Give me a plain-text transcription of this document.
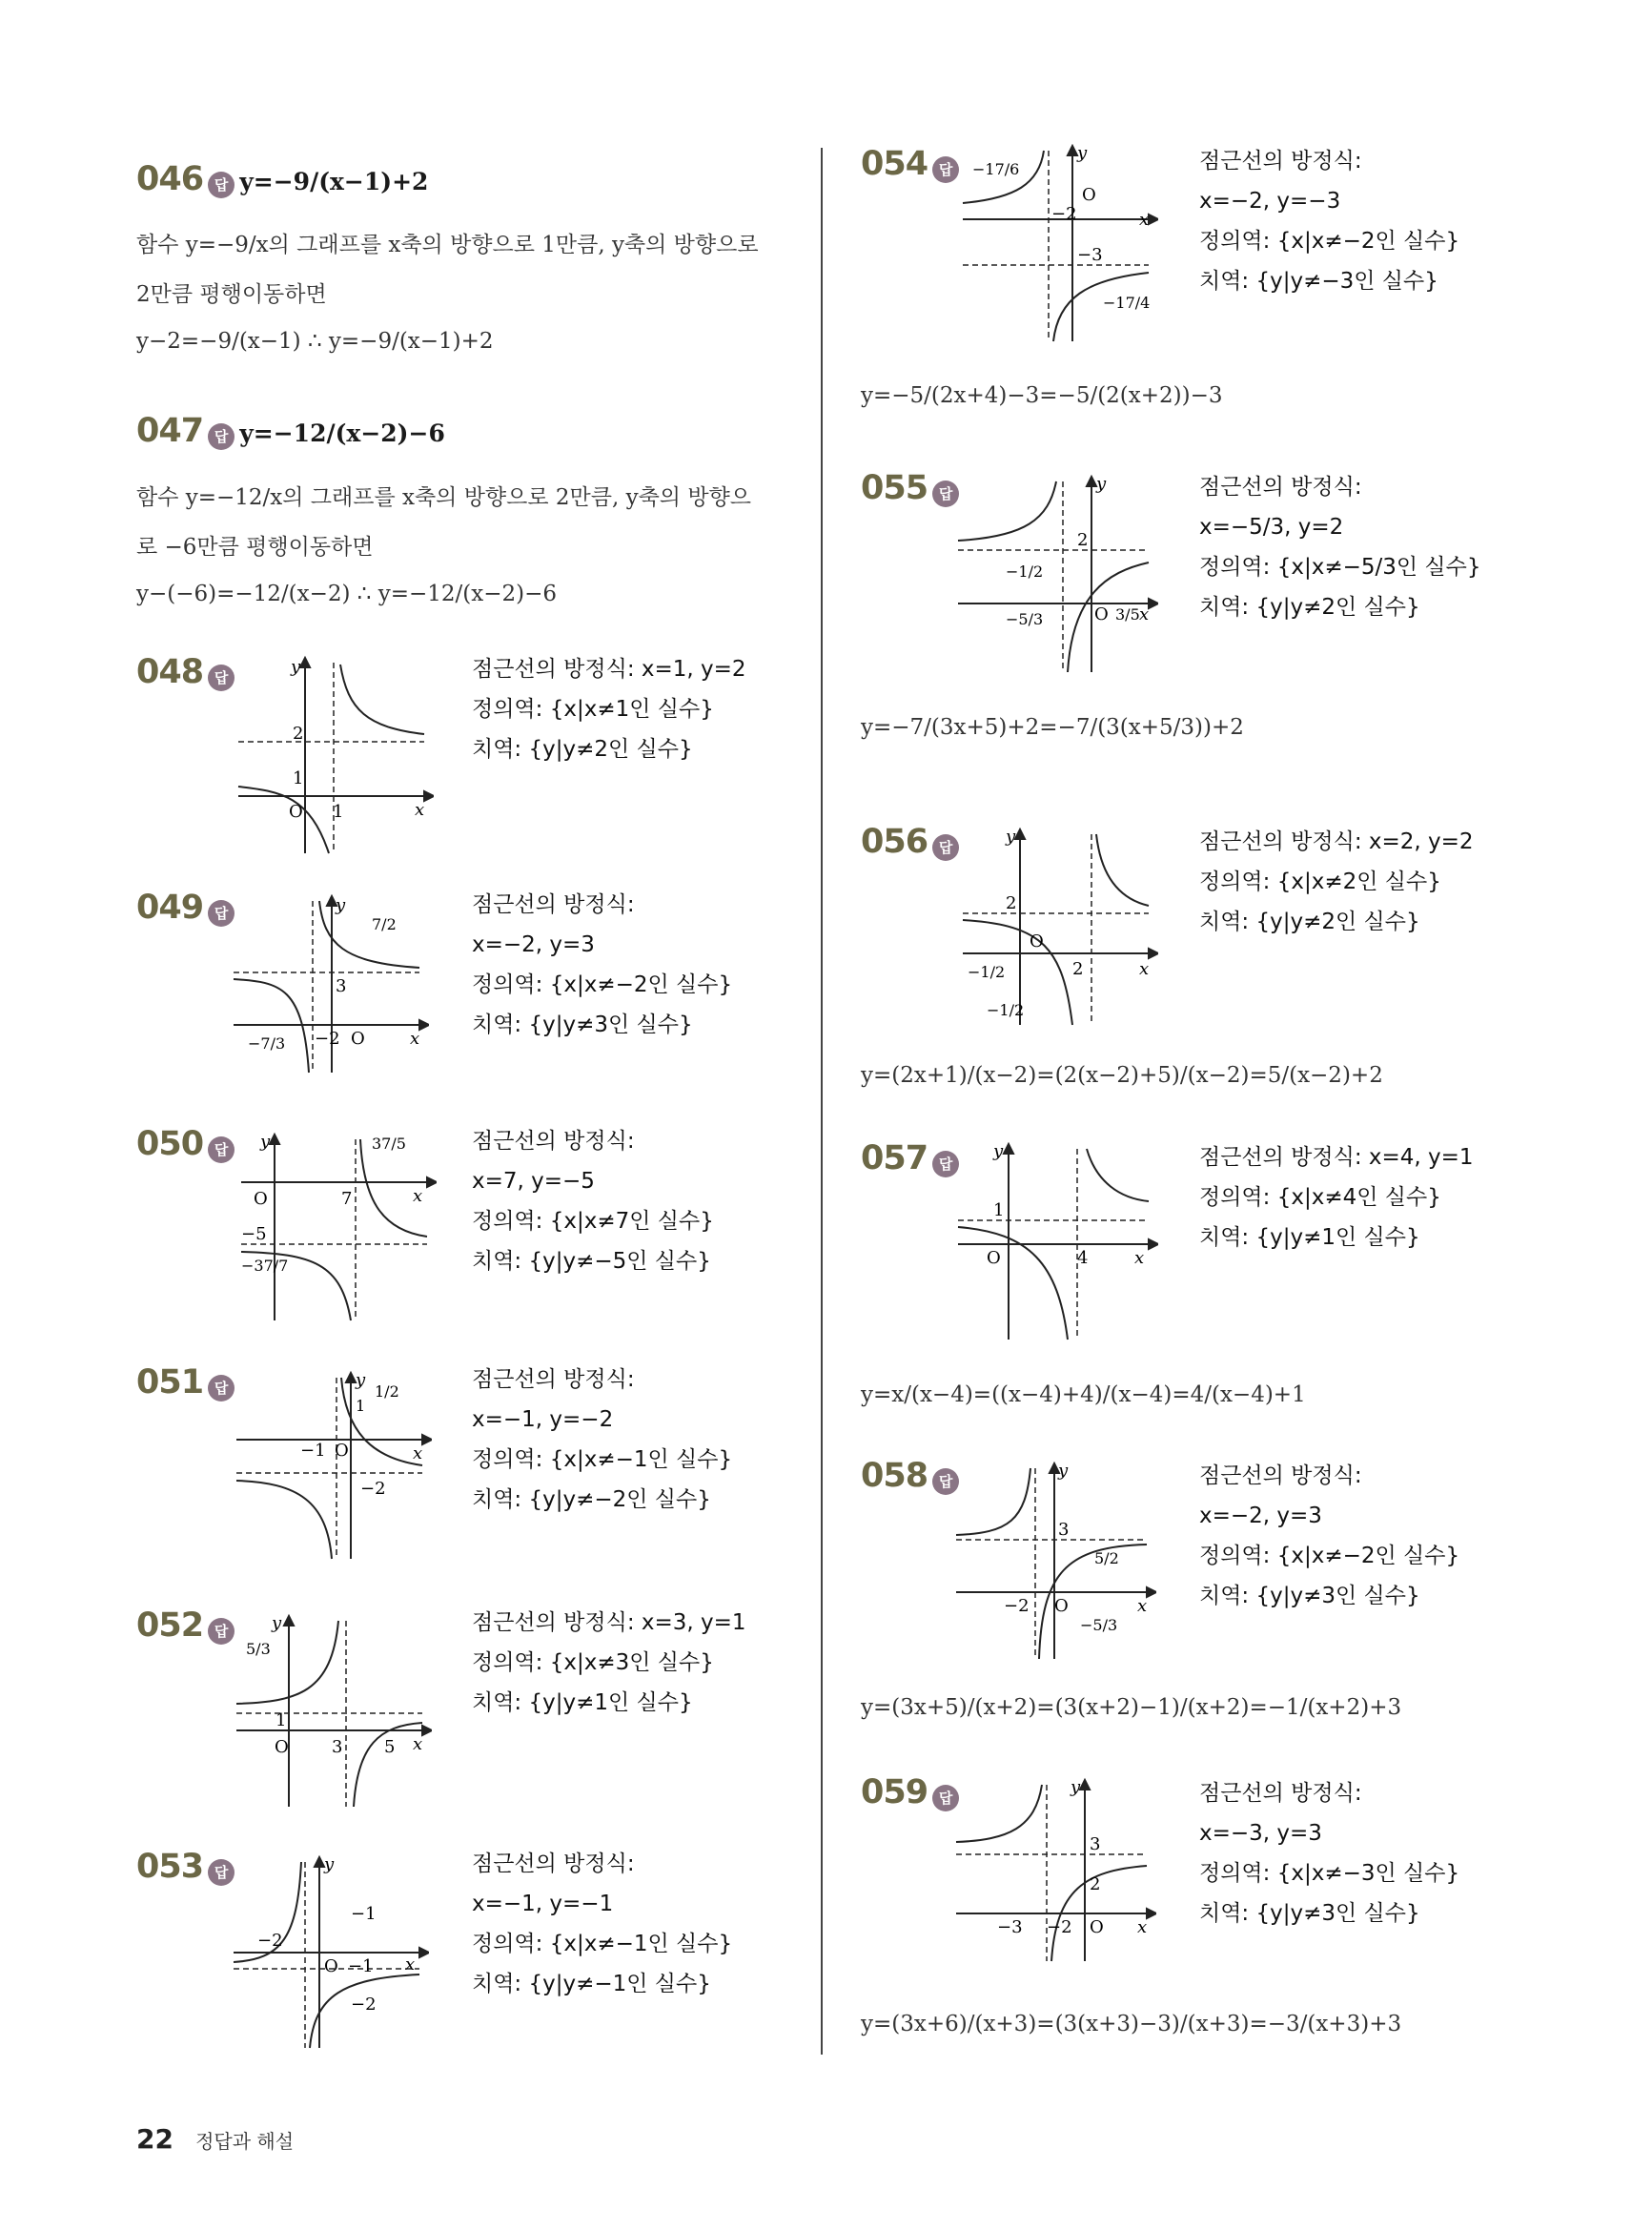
046 답 y=−9/(x−1)+2
함수 y=−9/x의 그래프를 x축의 방향으로 1만큼, y축의 방향으로
2만큼 평행이동하면
y−2=−9/(x−1) ∴ y=−9/(x−1)+2
047 답 y=−12/(x−2)−6
함수 y=−12/x의 그래프를 x축의 방향으로 2만큼, y축의 방향으
로 −6만큼 평행이동하면
y−(−6)=−12/(x−2) ∴ y=−12/(x−2)−6
048 답
2
1
O 1	x
y	점근선의 방정식: x=1, y=2
정의역: {x|x≠1인 실수}
치역: {y|y≠2인 실수}
049 답
7/2
3
−7/3 −2 O	x
y	점근선의 방정식:
x=−2, y=3
정의역: {x|x≠−2인 실수}
치역: {y|y≠3인 실수}
050 답	37/5
O	7
−5
−37/7
x
y	점근선의 방정식:
x=7, y=−5
정의역: {x|x≠7인 실수}
치역: {y|y≠−5인 실수}
051 답	1/2
1
−1 O
−2
x
y	점근선의 방정식:
x=−1, y=−2
정의역: {x|x≠−1인 실수}
치역: {y|y≠−2인 실수}
052 답
5/3
1
O	3 5 x
y	점근선의 방정식: x=3, y=1
정의역: {x|x≠3인 실수}
치역: {y|y≠1인 실수}
053 답
−1
−2
O −1
−2
x
y	점근선의 방정식:
x=−1, y=−1
정의역: {x|x≠−1인 실수}
치역: {y|y≠−1인 실수}
054 답	−17/6
O
−2
−3
−17/4
x
y	점근선의 방정식:
x=−2, y=−3
정의역: {x|x≠−2인 실수}
치역: {y|y≠−3인 실수}
y=−5/(2x+4)−3=−5/(2(x+2))−3
055 답
2
−1/2
−5/3	O 3/5 x
y	점근선의 방정식:
x=−5/3, y=2
정의역: {x|x≠−5/3인 실수}
치역: {y|y≠2인 실수}
y=−7/(3x+5)+2=−7/(3(x+5/3))+2
056 답
2
O
2
−1/2
−1/2
x
y	점근선의 방정식: x=2, y=2
정의역: {x|x≠2인 실수}
치역: {y|y≠2인 실수}
y=(2x+1)/(x−2)=(2(x−2)+5)/(x−2)=5/(x−2)+2
057 답
1
O	4	x
y	점근선의 방정식: x=4, y=1
정의역: {x|x≠4인 실수}
치역: {y|y≠1인 실수}
y=x/(x−4)=((x−4)+4)/(x−4)=4/(x−4)+1
058 답
3
5/2
−2 O
−5/3
x
y	점근선의 방정식:
x=−2, y=3
정의역: {x|x≠−2인 실수}
치역: {y|y≠3인 실수}
y=(3x+5)/(x+2)=(3(x+2)−1)/(x+2)=−1/(x+2)+3
059 답
3
2
−3 −2 O x
y	점근선의 방정식:
x=−3, y=3
정의역: {x|x≠−3인 실수}
치역: {y|y≠3인 실수}
y=(3x+6)/(x+3)=(3(x+3)−3)/(x+3)=−3/(x+3)+3
22 정답과 해설
